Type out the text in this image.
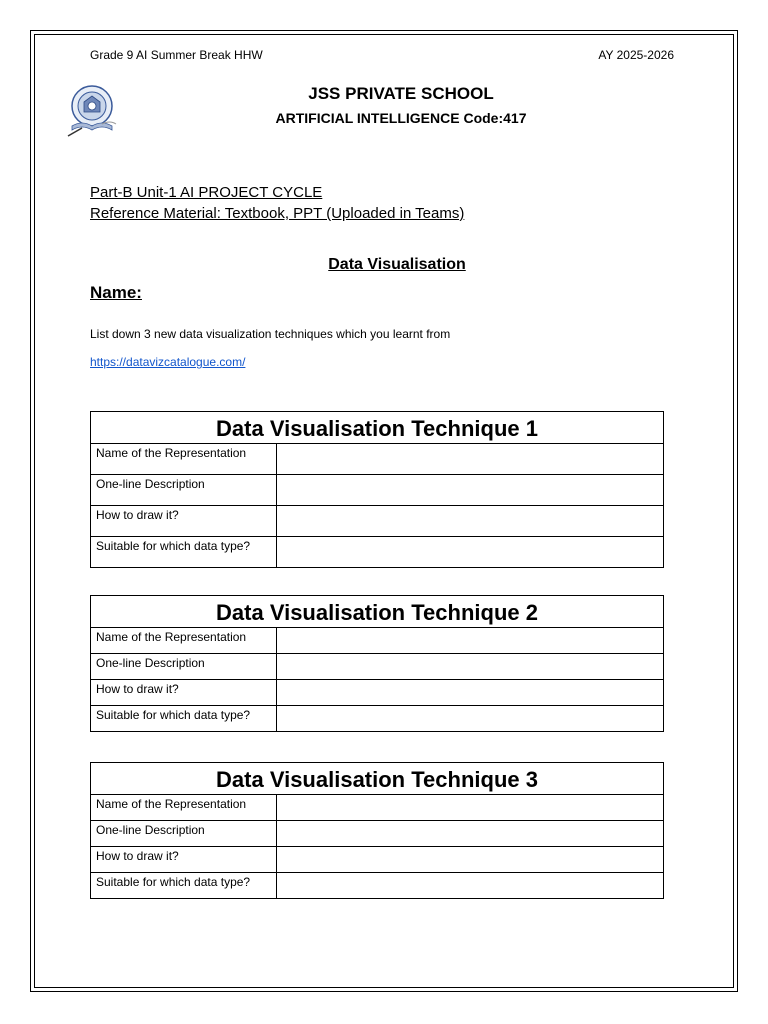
Grade 9 AI Summer Break HHW	AY 2025-2026
JSS PRIVATE SCHOOL
ARTIFICIAL INTELLIGENCE Code:417
Part-B Unit-1 AI PROJECT CYCLE
Reference Material: Textbook, PPT (Uploaded in Teams)
Data Visualisation
Name:
List down 3 new data visualization techniques which you learnt from
https://datavizcatalogue.com/
Data Visualisation Technique 1	
Name of the Representation	
One-line Description	
How to draw it?	
Suitable for which data type?	
Data Visualisation Technique 2	
Name of the Representation	
One-line Description	
How to draw it?	
Suitable for which data type?	
Data Visualisation Technique 3	
Name of the Representation	
One-line Description	
How to draw it?	
Suitable for which data type?	
